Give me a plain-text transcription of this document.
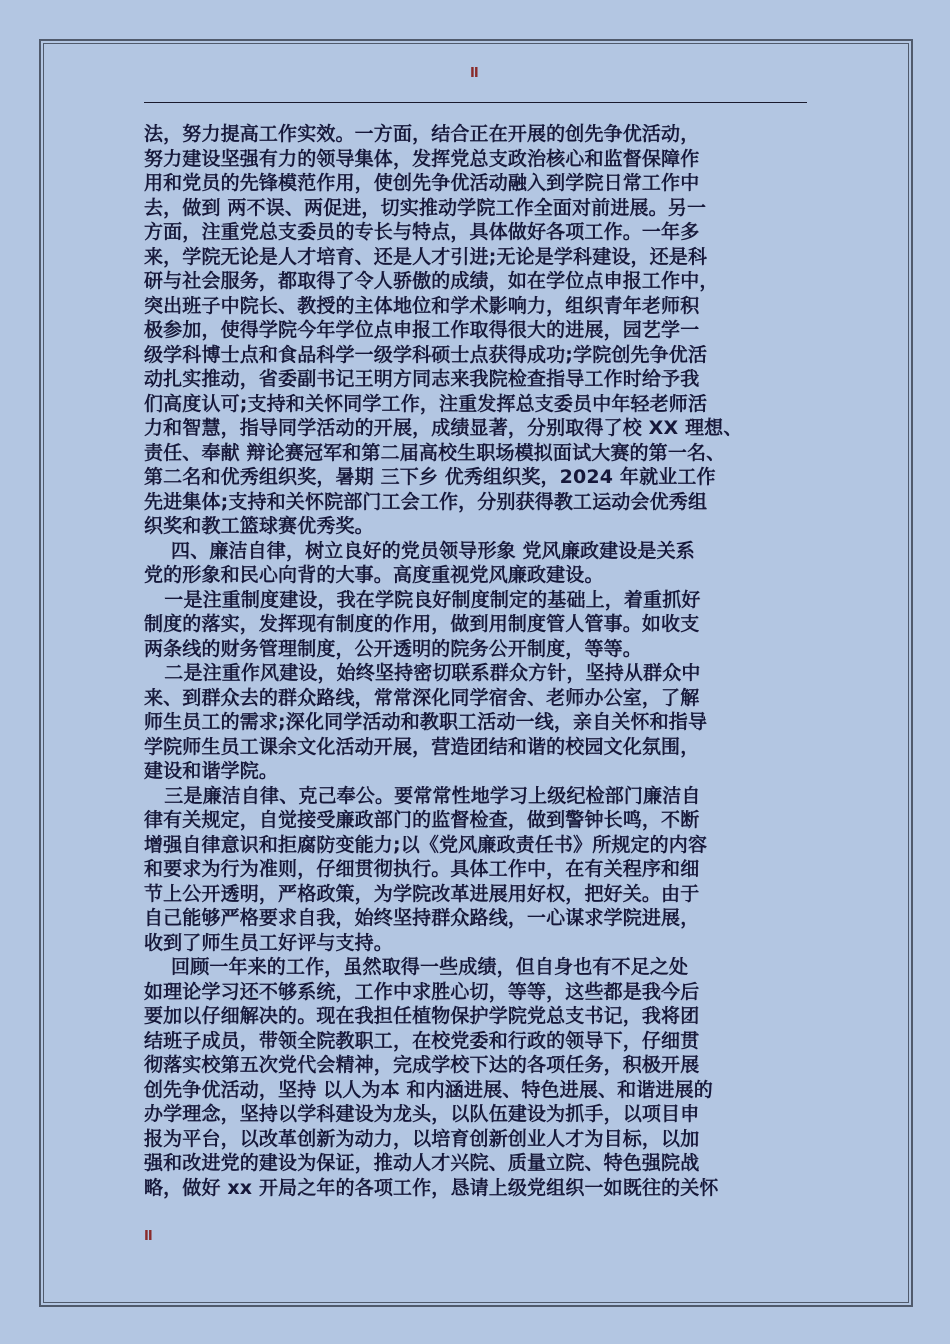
II
法，努力提高工作实效。一方面，结合正在开展的创先争优活动，
努力建设坚强有力的领导集体，发挥党总支政治核心和监督保障作
用和党员的先锋模范作用，使创先争优活动融入到学院日常工作中
去，做到 两不误、两促进，切实推动学院工作全面对前进展。另一
方面，注重党总支委员的专长与特点，具体做好各项工作。一年多
来，学院无论是人才培育、还是人才引进;无论是学科建设，还是科
研与社会服务，都取得了令人骄傲的成绩，如在学位点申报工作中，
突出班子中院长、教授的主体地位和学术影响力，组织青年老师积
极参加，使得学院今年学位点申报工作取得很大的进展，园艺学一
级学科博士点和食品科学一级学科硕士点获得成功;学院创先争优活
动扎实推动，省委副书记王明方同志来我院检查指导工作时给予我
们高度认可;支持和关怀同学工作，注重发挥总支委员中年轻老师活
力和智慧，指导同学活动的开展，成绩显著，分别取得了校 XX 理想、
责任、奉献 辩论赛冠军和第二届高校生职场模拟面试大赛的第一名、
第二名和优秀组织奖，暑期 三下乡 优秀组织奖，2024 年就业工作
先进集体;支持和关怀院部门工会工作，分别获得教工运动会优秀组
织奖和教工篮球赛优秀奖。
四、廉洁自律，树立良好的党员领导形象 党风廉政建设是关系
党的形象和民心向背的大事。高度重视党风廉政建设。
一是注重制度建设，我在学院良好制度制定的基础上，着重抓好
制度的落实，发挥现有制度的作用，做到用制度管人管事。如收支
两条线的财务管理制度，公开透明的院务公开制度，等等。
二是注重作风建设，始终坚持密切联系群众方针，坚持从群众中
来、到群众去的群众路线，常常深化同学宿舍、老师办公室，了解
师生员工的需求;深化同学活动和教职工活动一线，亲自关怀和指导
学院师生员工课余文化活动开展，营造团结和谐的校园文化氛围，
建设和谐学院。
三是廉洁自律、克己奉公。要常常性地学习上级纪检部门廉洁自
律有关规定，自觉接受廉政部门的监督检查，做到警钟长鸣，不断
增强自律意识和拒腐防变能力;以《党风廉政责任书》所规定的内容
和要求为行为准则，仔细贯彻执行。具体工作中，在有关程序和细
节上公开透明，严格政策，为学院改革进展用好权，把好关。由于
自己能够严格要求自我，始终坚持群众路线，一心谋求学院进展，
收到了师生员工好评与支持。
回顾一年来的工作，虽然取得一些成绩，但自身也有不足之处
如理论学习还不够系统，工作中求胜心切，等等，这些都是我今后
要加以仔细解决的。现在我担任植物保护学院党总支书记，我将团
结班子成员，带领全院教职工，在校党委和行政的领导下，仔细贯
彻落实校第五次党代会精神，完成学校下达的各项任务，积极开展
创先争优活动，坚持 以人为本 和内涵进展、特色进展、和谐进展的
办学理念，坚持以学科建设为龙头，以队伍建设为抓手，以项目申
报为平台，以改革创新为动力，以培育创新创业人才为目标，以加
强和改进党的建设为保证，推动人才兴院、质量立院、特色强院战
略，做好 xx 开局之年的各项工作，恳请上级党组织一如既往的关怀
II
